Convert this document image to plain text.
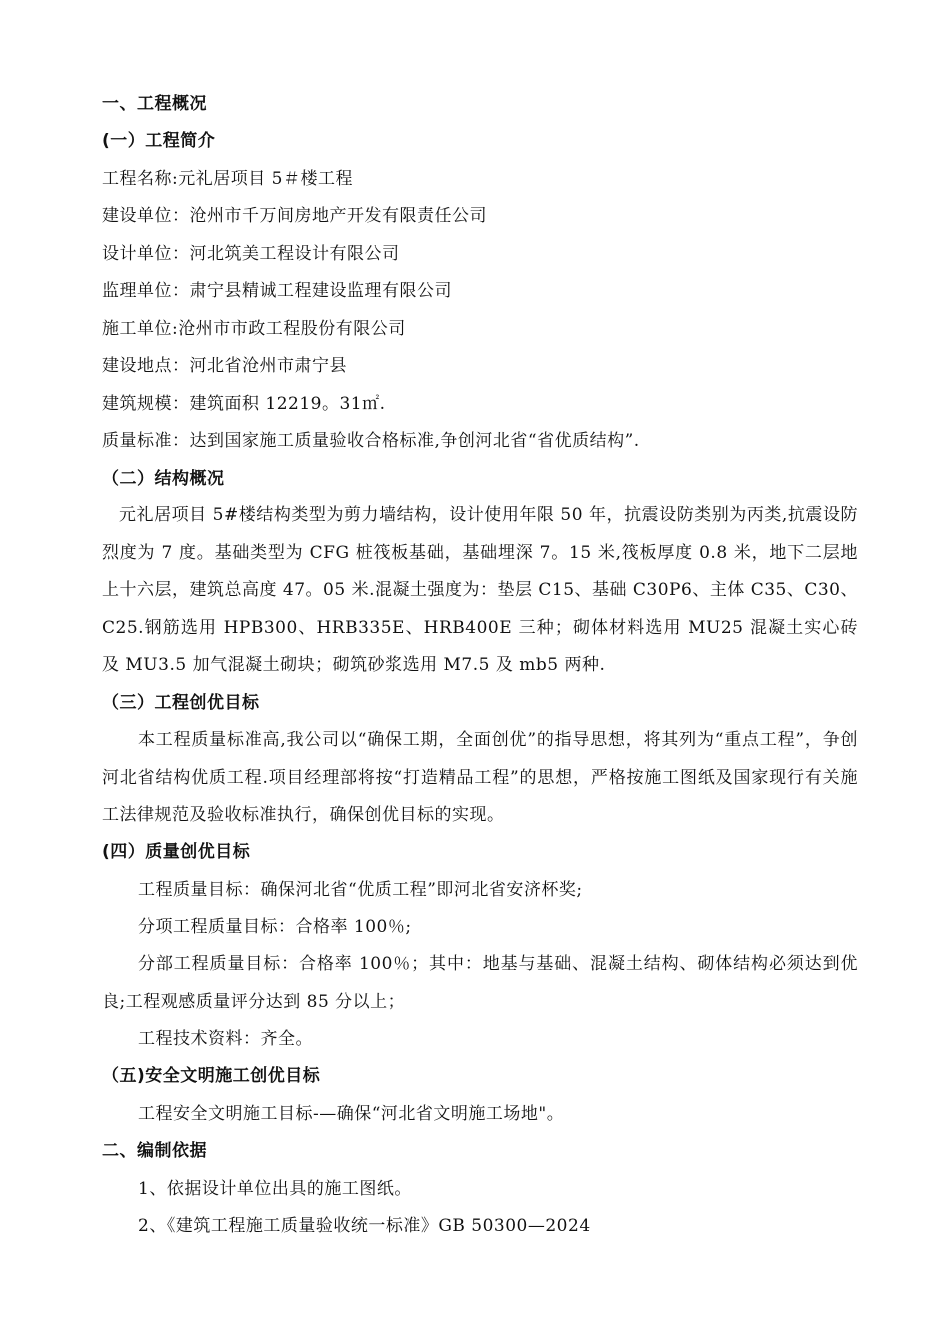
一、工程概况
(一）工程简介
工程名称:元礼居项目 5＃楼工程
建设单位：沧州市千万间房地产开发有限责任公司
设计单位：河北筑美工程设计有限公司
监理单位：肃宁县精诚工程建设监理有限公司
施工单位:沧州市市政工程股份有限公司
建设地点：河北省沧州市肃宁县
建筑规模：建筑面积 12219。31㎡.
质量标准：达到国家施工质量验收合格标准,争创河北省“省优质结构”.
（二）结构概况
元礼居项目 5#楼结构类型为剪力墙结构，设计使用年限 50 年，抗震设防类别为丙类,抗震设防烈度为 7 度。基础类型为 CFG 桩筏板基础，基础埋深 7。15 米,筏板厚度 0.8 米，地下二层地上十六层，建筑总高度 47。05 米.混凝土强度为：垫层 C15、基础 C30P6、主体 C35、C30、C25.钢筋选用 HPB300、HRB335E、HRB400E 三种；砌体材料选用 MU25 混凝土实心砖及 MU3.5 加气混凝土砌块；砌筑砂浆选用 M7.5 及 mb5 两种.
（三）工程创优目标
本工程质量标准高,我公司以“确保工期，全面创优”的指导思想，将其列为“重点工程”，争创河北省结构优质工程.项目经理部将按“打造精品工程”的思想，严格按施工图纸及国家现行有关施工法律规范及验收标准执行，确保创优目标的实现。
(四）质量创优目标
工程质量目标：确保河北省“优质工程”即河北省安济杯奖;
分项工程质量目标：合格率 100％;
分部工程质量目标：合格率 100％；其中：地基与基础、混凝土结构、砌体结构必须达到优良;工程观感质量评分达到 85 分以上；
工程技术资料：齐全。
（五)安全文明施工创优目标
工程安全文明施工目标-—确保“河北省文明施工场地"。
二、编制依据
1、依据设计单位出具的施工图纸。
2、《建筑工程施工质量验收统一标准》GB 50300—2024
